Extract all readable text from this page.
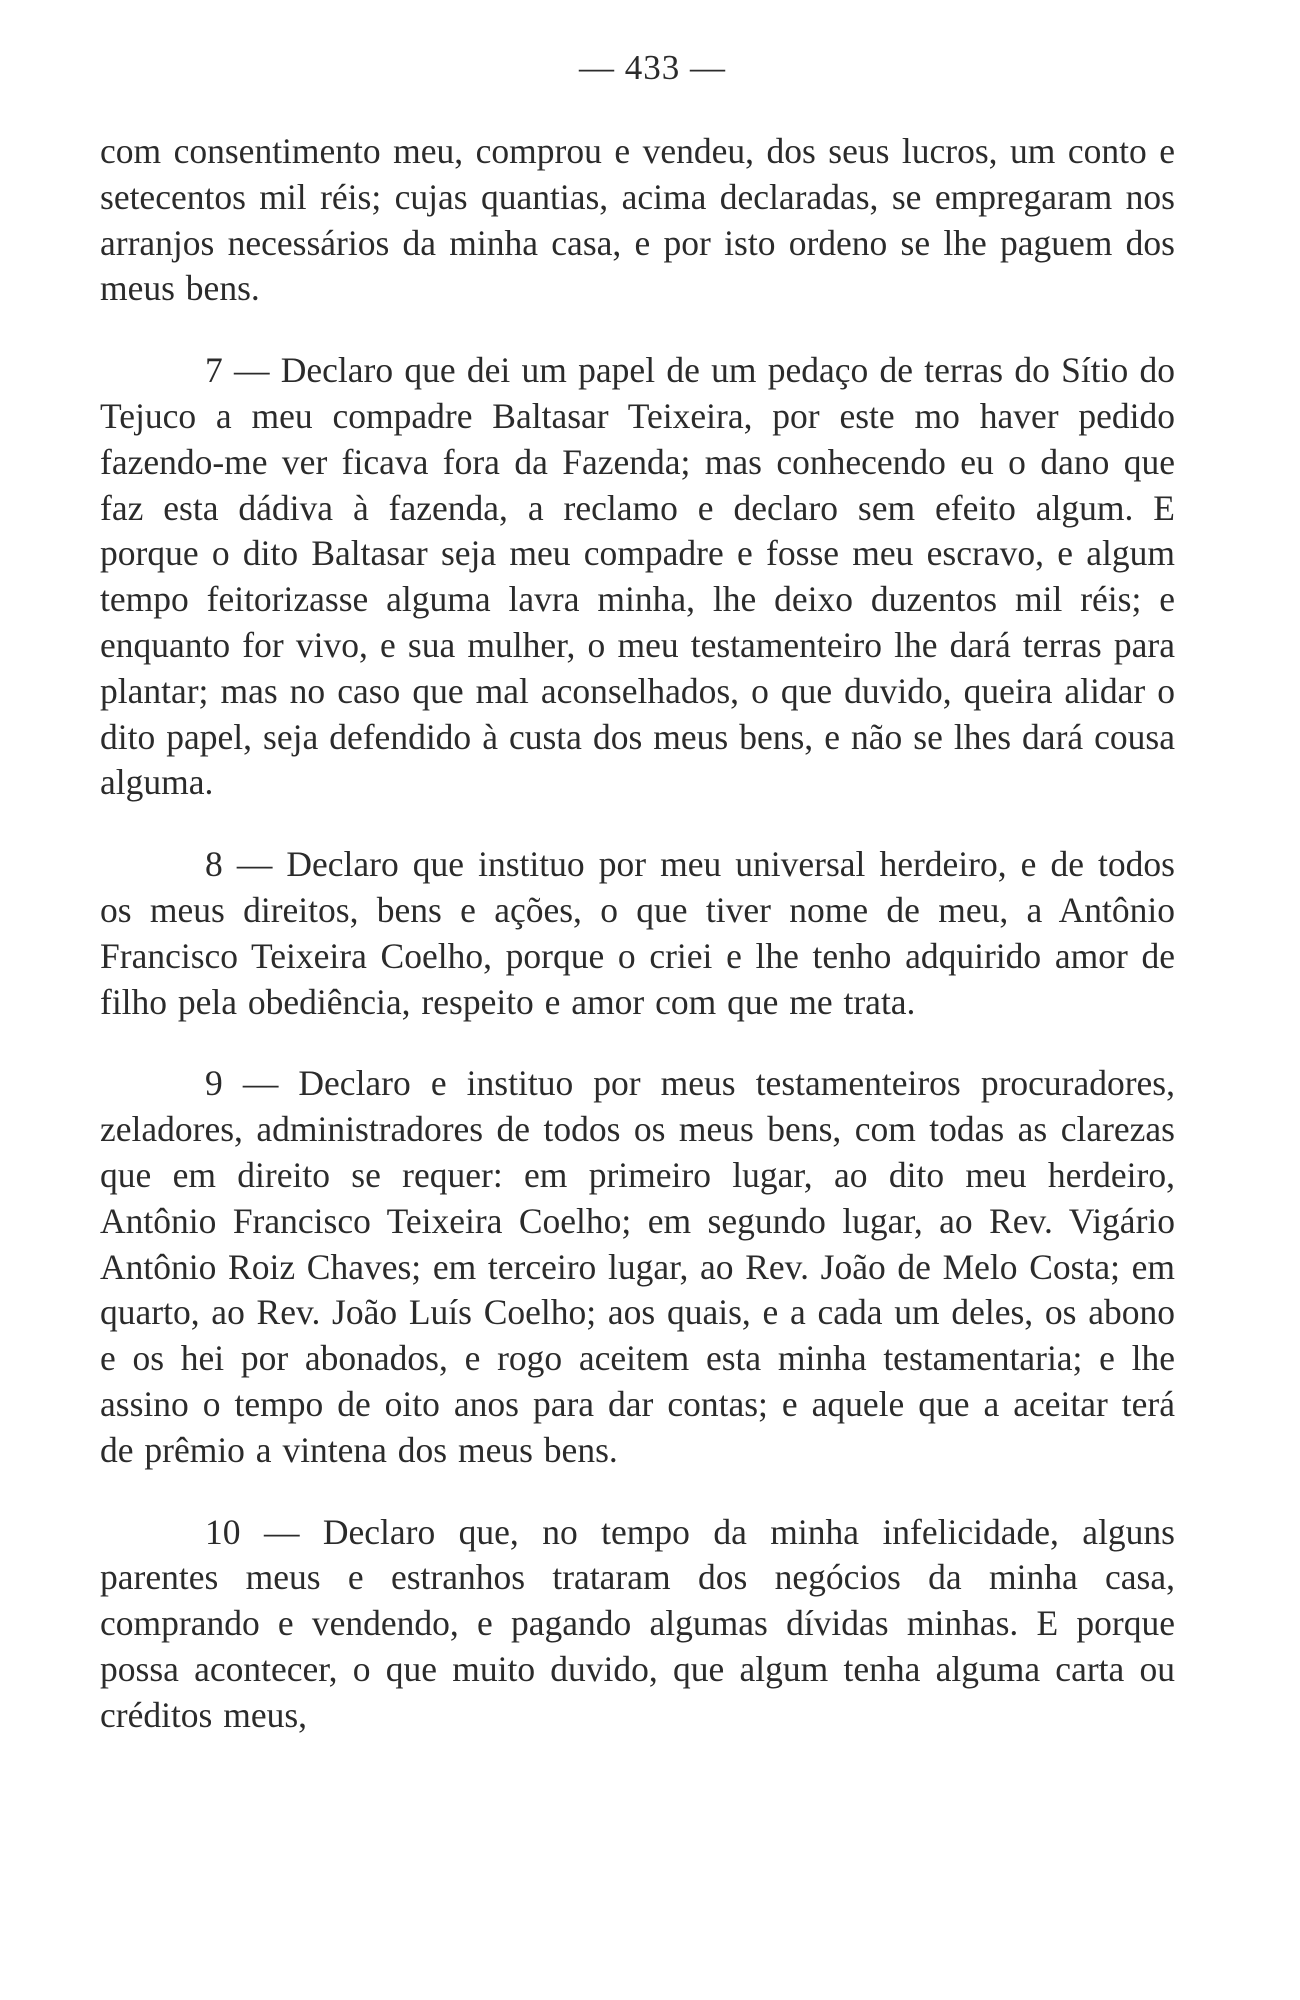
— 433 —

com consentimento meu, comprou e vendeu, dos seus lucros, um conto e setecentos mil réis; cujas quantias, acima declaradas, se empregaram nos arranjos necessários da minha casa, e por isto ordeno se lhe paguem dos meus bens.

7 — Declaro que dei um papel de um pedaço de terras do Sítio do Tejuco a meu compadre Baltasar Teixeira, por este mo haver pedido fazendo-me ver ficava fora da Fazenda; mas conhecendo eu o dano que faz esta dádiva à fazenda, a reclamo e declaro sem efeito algum. E porque o dito Baltasar seja meu compadre e fosse meu escravo, e algum tempo feitorizasse alguma lavra minha, lhe deixo duzentos mil réis; e enquanto for vivo, e sua mulher, o meu testamenteiro lhe dará terras para plantar; mas no caso que mal aconselhados, o que duvido, queira alidar o dito papel, seja defendido à custa dos meus bens, e não se lhes dará cousa alguma.

8 — Declaro que instituo por meu universal herdeiro, e de todos os meus direitos, bens e ações, o que tiver nome de meu, a Antônio Francisco Teixeira Coelho, porque o criei e lhe tenho adquirido amor de filho pela obediência, respeito e amor com que me trata.

9 — Declaro e instituo por meus testamenteiros procuradores, zeladores, administradores de todos os meus bens, com todas as clarezas que em direito se requer: em primeiro lugar, ao dito meu herdeiro, Antônio Francisco Teixeira Coelho; em segundo lugar, ao Rev. Vigário Antônio Roiz Chaves; em terceiro lugar, ao Rev. João de Melo Costa; em quarto, ao Rev. João Luís Coelho; aos quais, e a cada um deles, os abono e os hei por abonados, e rogo aceitem esta minha testamentaria; e lhe assino o tempo de oito anos para dar contas; e aquele que a aceitar terá de prêmio a vintena dos meus bens.

10 — Declaro que, no tempo da minha infelicidade, alguns parentes meus e estranhos trataram dos negócios da minha casa, comprando e vendendo, e pagando algumas dívidas minhas. E porque possa acontecer, o que muito duvido, que algum tenha alguma carta ou créditos meus,
